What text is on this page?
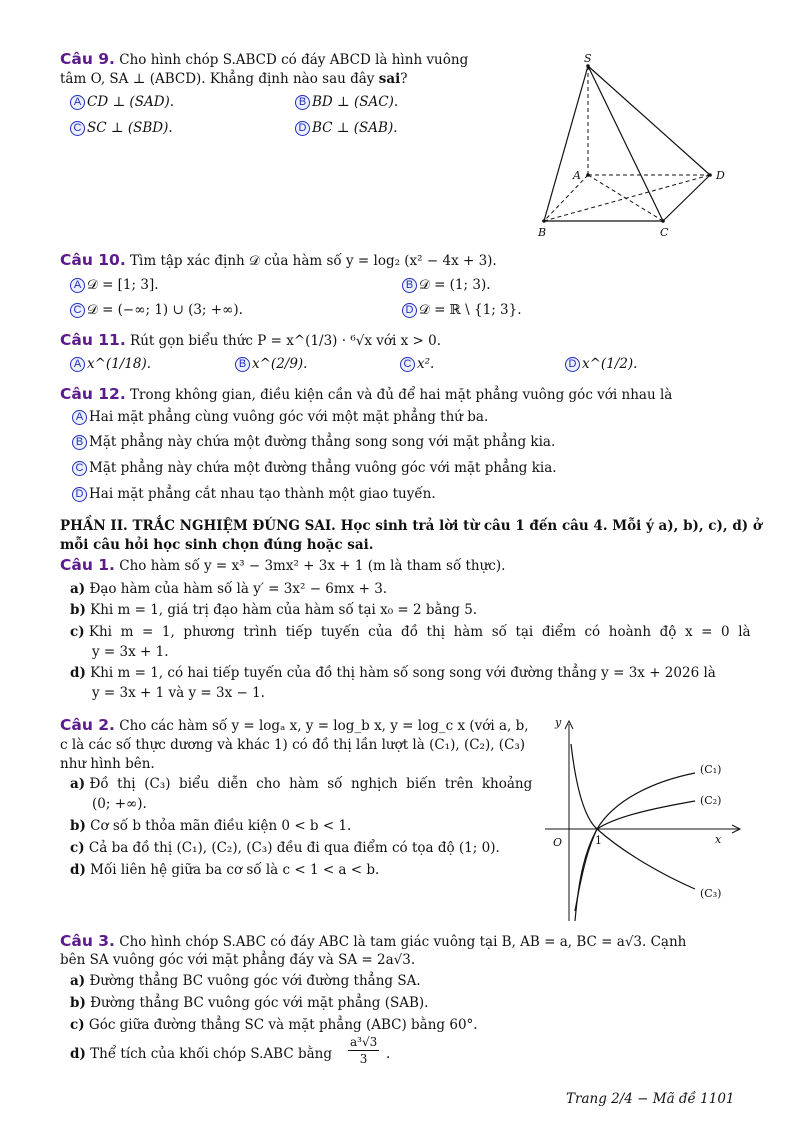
Câu 9. Cho hình chóp S.ABCD có đáy ABCD là hình vuông
tâm O, SA ⊥ (ABCD). Khẳng định nào sau đây sai?
A CD ⊥ (SAD).	B BD ⊥ (SAC).
C SC ⊥ (SBD).	D BC ⊥ (SAB).
S
A	D
B	C
Câu 10. Tìm tập xác định 𝒟 của hàm số y = log₂ (x² − 4x + 3).
A 𝒟 = [1; 3].	B 𝒟 = (1; 3).
C 𝒟 = (−∞; 1) ∪ (3; +∞).	D 𝒟 = ℝ \ {1; 3}.
Câu 11. Rút gọn biểu thức P = x^(1/3) · ⁶√x với x > 0.
A x^(1/18).	B x^(2/9).	C x².	D x^(1/2).
Câu 12. Trong không gian, điều kiện cần và đủ để hai mặt phẳng vuông góc với nhau là
A Hai mặt phẳng cùng vuông góc với một mặt phẳng thứ ba.
B Mặt phẳng này chứa một đường thẳng song song với mặt phẳng kia.
C Mặt phẳng này chứa một đường thẳng vuông góc với mặt phẳng kia.
D Hai mặt phẳng cắt nhau tạo thành một giao tuyến.
PHẦN II. TRẮC NGHIỆM ĐÚNG SAI. Học sinh trả lời từ câu 1 đến câu 4. Mỗi ý a), b), c), d) ở
mỗi câu hỏi học sinh chọn đúng hoặc sai.
Câu 1. Cho hàm số y = x³ − 3mx² + 3x + 1 (m là tham số thực).
a) Đạo hàm của hàm số là y′ = 3x² − 6mx + 3.
b) Khi m = 1, giá trị đạo hàm của hàm số tại x₀ = 2 bằng 5.
c) Khi  m  =  1,  phương  trình  tiếp  tuyến  của  đồ  thị  hàm  số  tại  điểm  có  hoành  độ  x  =  0  là
y = 3x + 1.
d) Khi m = 1, có hai tiếp tuyến của đồ thị hàm số song song với đường thẳng y = 3x + 2026 là
y = 3x + 1 và y = 3x − 1.
Câu 2. Cho các hàm số y = logₐ x, y = log_b x, y = log_c x (với a, b,
c là các số thực dương và khác 1) có đồ thị lần lượt là (C₁), (C₂), (C₃)
như hình bên.
a) Đồ  thị  (C₃)  biểu  diễn  cho  hàm  số  nghịch  biến  trên  khoảng
(0; +∞).
b) Cơ số b thỏa mãn điều kiện 0 < b < 1.
c) Cả ba đồ thị (C₁), (C₂), (C₃) đều đi qua điểm có tọa độ (1; 0).
d) Mối liên hệ giữa ba cơ số là c < 1 < a < b.
y
x
O	1
(C₁)
(C₂)
(C₃)
Câu 3. Cho hình chóp S.ABC có đáy ABC là tam giác vuông tại B, AB = a, BC = a√3. Cạnh
bên SA vuông góc với mặt phẳng đáy và SA = 2a√3.
a) Đường thẳng BC vuông góc với đường thẳng SA.
b) Đường thẳng BC vuông góc với mặt phẳng (SAB).
c) Góc giữa đường thẳng SC và mặt phẳng (ABC) bằng 60°.
d) Thể tích của khối chóp S.ABC bằng $\frac{\text{a³√3}}{3}$ .
Trang 2/4 − Mã đề 1101
